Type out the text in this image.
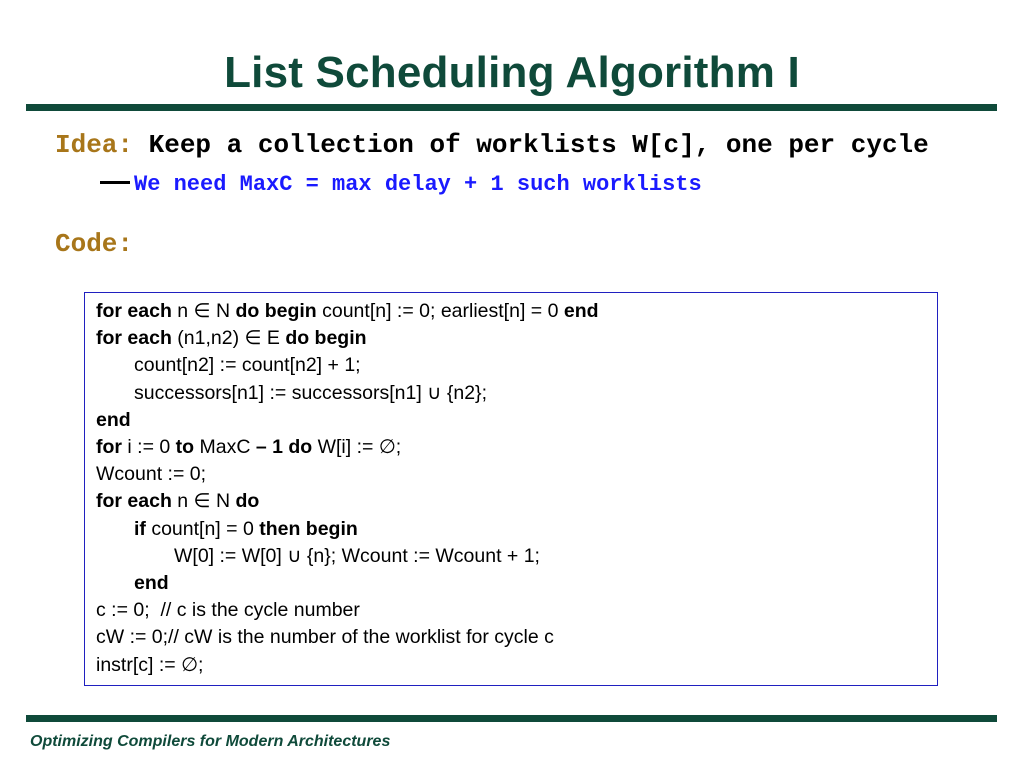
List Scheduling Algorithm I
Idea: Keep a collection of worklists W[c], one per cycle
We need MaxC = max delay + 1 such worklists
Code:
for each n ∈ N do begin count[n] := 0; earliest[n] = 0 end
for each (n1,n2) ∈ E do begin
count[n2] := count[n2] + 1;
successors[n1] := successors[n1] ∪ {n2};
end
for i := 0 to MaxC – 1 do W[i] := ∅;
Wcount := 0;
for each n ∈ N do
if count[n] = 0 then begin
W[0] := W[0] ∪ {n}; Wcount := Wcount + 1;
end
c := 0;  // c is the cycle number
cW := 0;// cW is the number of the worklist for cycle c
instr[c] := ∅;
Optimizing Compilers for Modern Architectures
